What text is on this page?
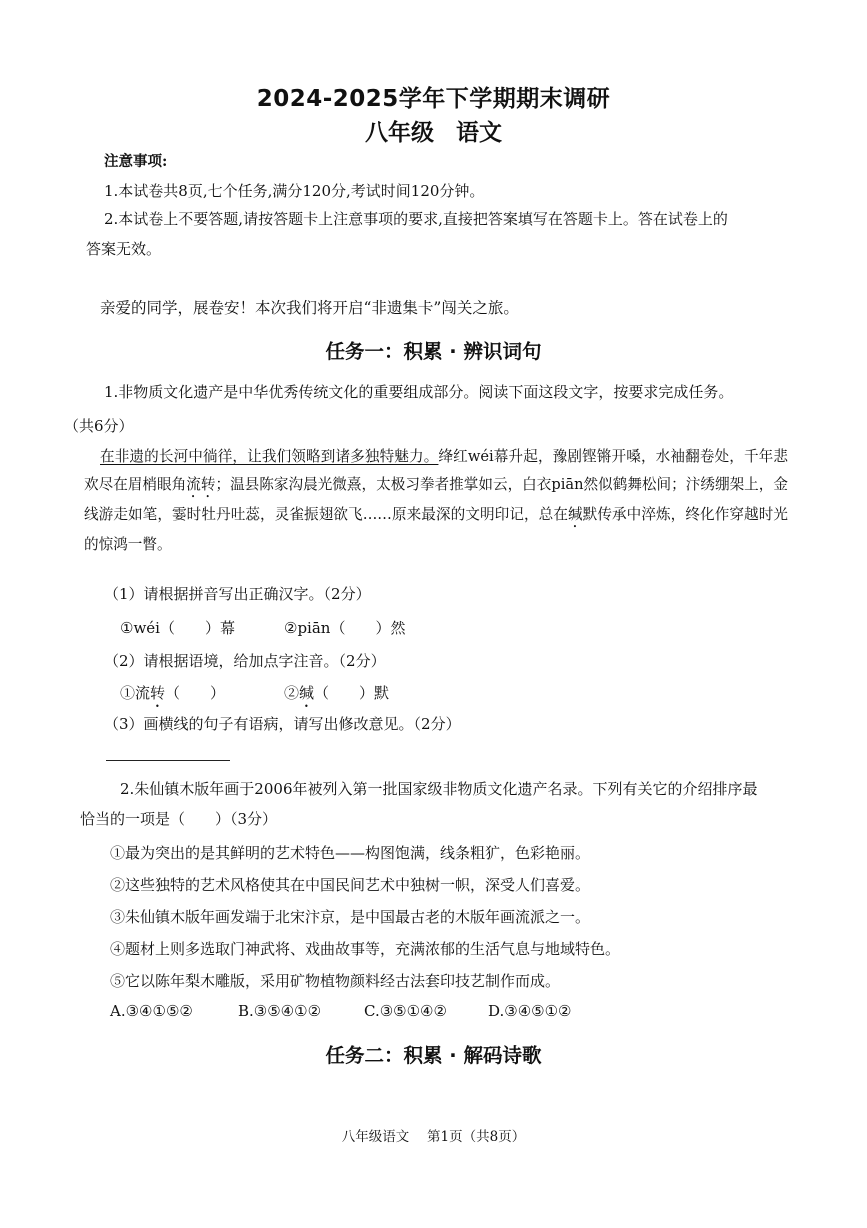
2024-2025学年下学期期末调研
八年级 语文
注意事项:
1.本试卷共8页,七个任务,满分120分,考试时间120分钟。
2.本试卷上不要答题,请按答题卡上注意事项的要求,直接把答案填写在答题卡上。答在试卷上的
答案无效。
亲爱的同学，展卷安！本次我们将开启“非遗集卡”闯关之旅。
任务一：积累 · 辨识词句
1.非物质文化遗产是中华优秀传统文化的重要组成部分。阅读下面这段文字，按要求完成任务。
（共6分）
在非遗的长河中徜徉，让我们领略到诸多独特魅力。绛红wéi幕升起，豫剧铿锵开嗓，水袖翻卷处，千年悲欢尽在眉梢眼角流转；温县陈家沟晨光微熹，太极习拳者推掌如云，白衣piān然似鹤舞松间；汴绣绷架上，金线游走如笔，霎时牡丹吐蕊，灵雀振翅欲飞……原来最深的文明印记，总在缄默传承中淬炼，终化作穿越时光的惊鸿一瞥。
（1）请根据拼音写出正确汉字。（2分）
①wéi（　　）幕	②piān（　　）然
（2）请根据语境，给加点字注音。（2分）
①流转（　　）	②缄（　　）默
（3）画横线的句子有语病，请写出修改意见。（2分）
2.朱仙镇木版年画于2006年被列入第一批国家级非物质文化遗产名录。下列有关它的介绍排序最
恰当的一项是（　　）（3分）
①最为突出的是其鲜明的艺术特色——构图饱满，线条粗犷，色彩艳丽。
②这些独特的艺术风格使其在中国民间艺术中独树一帜，深受人们喜爱。
③朱仙镇木版年画发端于北宋汴京，是中国最古老的木版年画流派之一。
④题材上则多选取门神武将、戏曲故事等，充满浓郁的生活气息与地域特色。
⑤它以陈年梨木雕版，采用矿物植物颜料经古法套印技艺制作而成。
A.③④①⑤②	B.③⑤④①②	C.③⑤①④②	D.③④⑤①②
任务二：积累 · 解码诗歌
八年级语文　 第1页（共8页）
